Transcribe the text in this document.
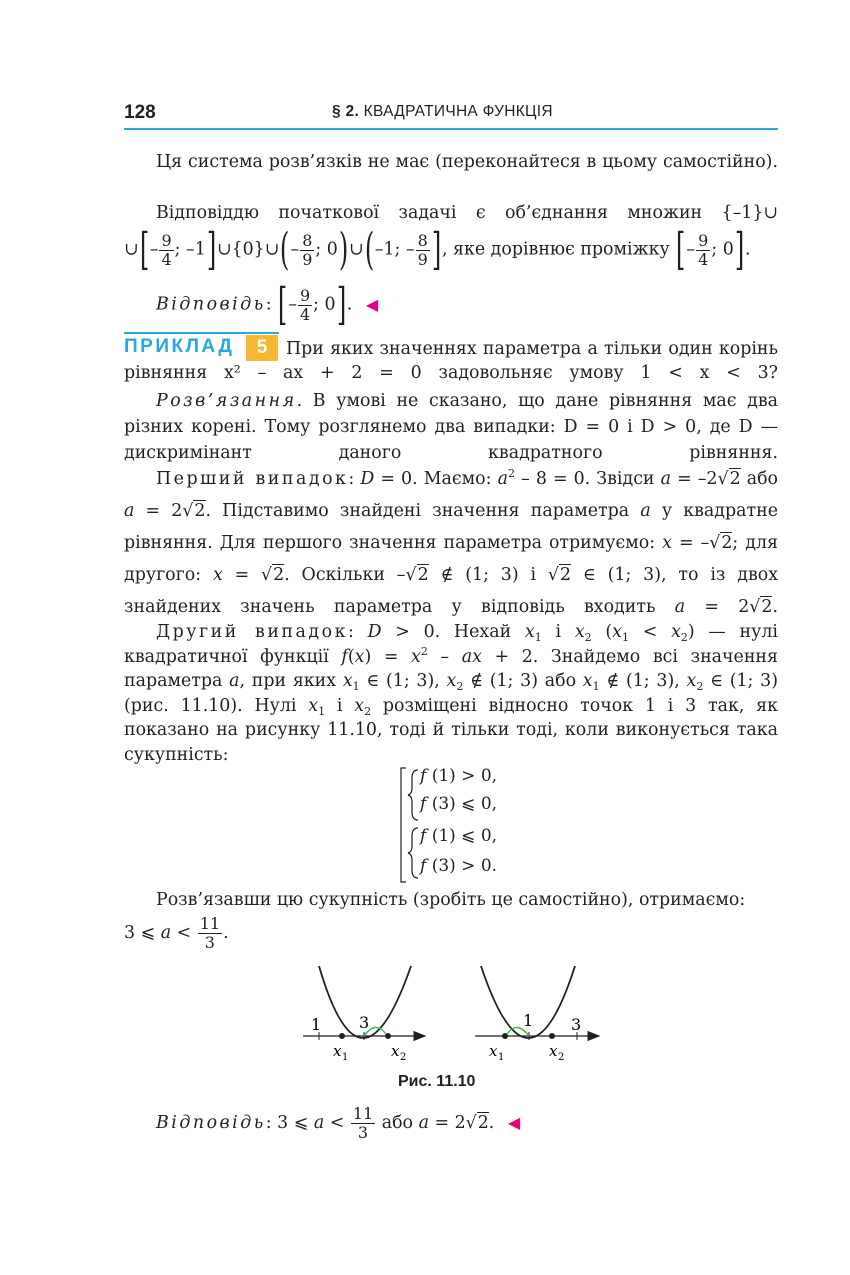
128	§ 2. КВАДРАТИЧНА ФУНКЦІЯ
Ця система розв’язків не має (переконайтеся в цьому самостійно).
Відповіддю початкової задачі є об’єднання множин {–1}∪
∪[– $\frac{9}{4}$ ; –1]∪{0}∪(– $\frac{8}{9}$ ; 0)∪(–1; – $\frac{8}{9}$ ], яке дорівнює проміжку [– $\frac{9}{4}$ ; 0].
Відповідь: [– $\frac{9}{4}$ ; 0]. ◀
ПРИКЛАД	5	При яких значеннях параметра a тільки один корінь рівняння x² – ax + 2 = 0 задовольняє умову 1 < x < 3?
Розв’язання. В умові не сказано, що дане рівняння має два різних корені. Тому розглянемо два випадки: D = 0 і D > 0, де D — дискримінант даного квадратного рівняння.
Перший випадок: D = 0. Маємо: $a^2 - 8 = 0$. Звідси a = –2√2 або a = 2√2. Підставимо знайдені значення параметра a у квадратне рівняння. Для першого значення параметра отримуємо: x = –√2; для другого: x = √2. Оскільки –√2 ∉ (1; 3) і √2 ∈ (1; 3), то із двох знайдених значень параметра у відповідь входить a = 2√2.
Другий випадок: D > 0. Нехай $x_1$ і $x_2$ $(x_1 < x_2)$ — нулі квадратичної функції $f(x) = x^2$ – ax + 2. Знайдемо всі значення параметра a, при яких $x_1$ ∈ (1; 3), $x_2$ ∉ (1; 3) або $x_1$ ∉ (1; 3), $x_2$ ∈ (1; 3) (рис. 11.10). Нулі $x_1$ і $x_2$ розміщені відносно точок 1 і 3 так, як показано на рисунку 11.10, тоді й тільки тоді, коли виконується така сукупність:
f (1) > 0,
f (3) ⩽ 0,
f (1) ⩽ 0,
f (3) > 0.
Розв’язавши цю сукупність (зробіть це самостійно), отримаємо:
3 ⩽ $a < \frac{11}{3}$ .
1 3
x 1	x 2
1 3
x 1	x 2
Рис. 11.10
Відповідь: 3 ⩽ $a < \frac{11}{3}$ або a = 2√2. ◀
